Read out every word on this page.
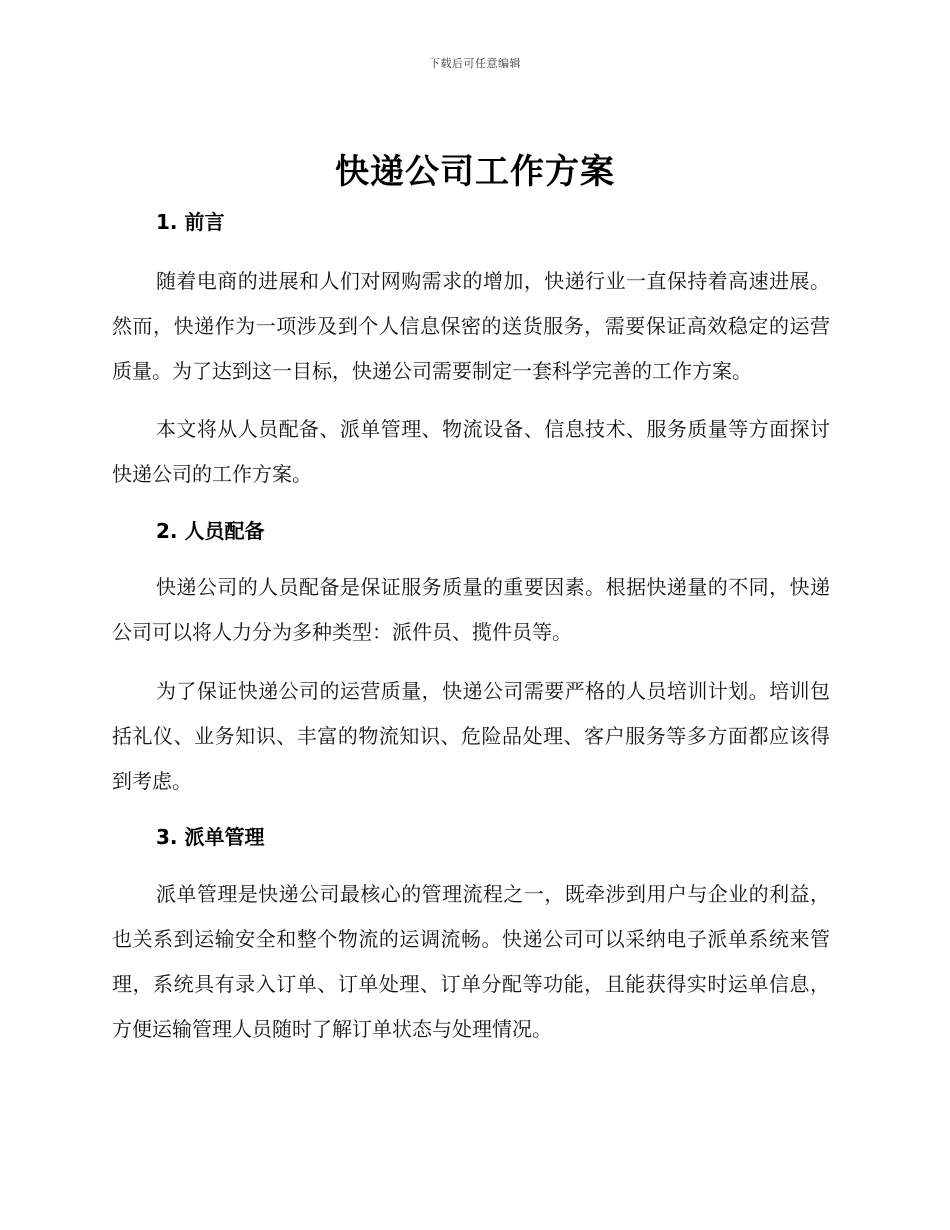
下载后可任意编辑
快递公司工作方案
1. 前言

随着电商的进展和人们对网购需求的增加，快递行业一直保持着高速进展。然而，快递作为一项涉及到个人信息保密的送货服务，需要保证高效稳定的运营质量。为了达到这一目标，快递公司需要制定一套科学完善的工作方案。

本文将从人员配备、派单管理、物流设备、信息技术、服务质量等方面探讨快递公司的工作方案。

2. 人员配备

快递公司的人员配备是保证服务质量的重要因素。根据快递量的不同，快递公司可以将人力分为多种类型：派件员、揽件员等。

为了保证快递公司的运营质量，快递公司需要严格的人员培训计划。培训包括礼仪、业务知识、丰富的物流知识、危险品处理、客户服务等多方面都应该得到考虑。

3. 派单管理

派单管理是快递公司最核心的管理流程之一，既牵涉到用户与企业的利益，也关系到运输安全和整个物流的运调流畅。快递公司可以采纳电子派单系统来管理，系统具有录入订单、订单处理、订单分配等功能，且能获得实时运单信息，方便运输管理人员随时了解订单状态与处理情况。
